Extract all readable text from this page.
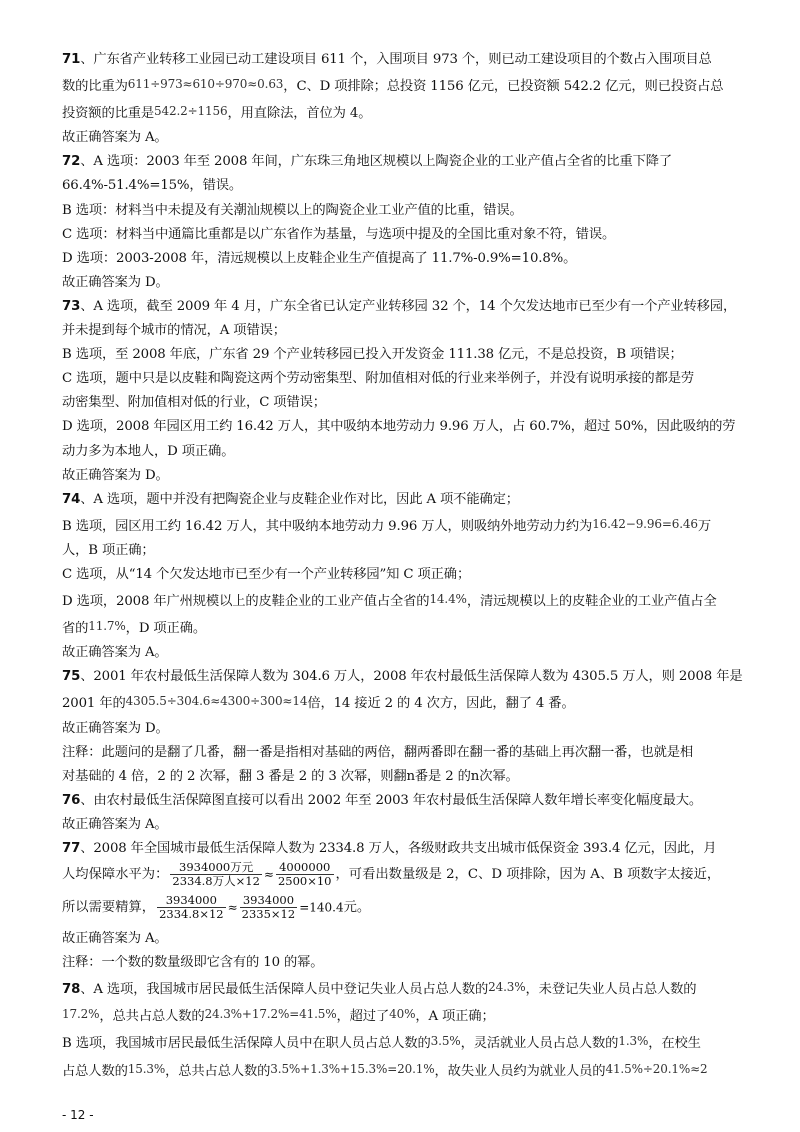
71、广东省产业转移工业园已动工建设项目 611 个，入围项目 973 个，则已动工建设项目的个数占入围项目总

数的比重为611÷973≈610÷970≈0.63，C、D 项排除；总投资 1156 亿元，已投资额 542.2 亿元，则已投资占总

投资额的比重是542.2÷1156，用直除法，首位为 4。

故正确答案为 A。

72、A 选项：2003 年至 2008 年间，广东珠三角地区规模以上陶瓷企业的工业产值占全省的比重下降了

66.4%-51.4%=15%，错误。

B 选项：材料当中未提及有关潮汕规模以上的陶瓷企业工业产值的比重，错误。

C 选项：材料当中通篇比重都是以广东省作为基量，与选项中提及的全国比重对象不符，错误。

D 选项：2003-2008 年，清远规模以上皮鞋企业生产值提高了 11.7%-0.9%=10.8%。

故正确答案为 D。

73、A 选项，截至 2009 年 4 月，广东全省已认定产业转移园 32 个，14 个欠发达地市已至少有一个产业转移园，

并未提到每个城市的情况，A 项错误；

B 选项，至 2008 年底，广东省 29 个产业转移园已投入开发资金 111.38 亿元，不是总投资，B 项错误；

C 选项，题中只是以皮鞋和陶瓷这两个劳动密集型、附加值相对低的行业来举例子，并没有说明承接的都是劳

动密集型、附加值相对低的行业，C 项错误；

D 选项，2008 年园区用工约 16.42 万人，其中吸纳本地劳动力 9.96 万人，占 60.7%，超过 50%，因此吸纳的劳

动力多为本地人，D 项正确。

故正确答案为 D。

74、A 选项，题中并没有把陶瓷企业与皮鞋企业作对比，因此 A 项不能确定；

B 选项，园区用工约 16.42 万人，其中吸纳本地劳动力 9.96 万人，则吸纳外地劳动力约为16.42−9.96=6.46万

人，B 项正确；

C 选项，从“14 个欠发达地市已至少有一个产业转移园”知 C 项正确；

D 选项，2008 年广州规模以上的皮鞋企业的工业产值占全省的14.4%，清远规模以上的皮鞋企业的工业产值占全

省的11.7%，D 项正确。

故正确答案为 A。

75、2001 年农村最低生活保障人数为 304.6 万人，2008 年农村最低生活保障人数为 4305.5 万人，则 2008 年是

2001 年的4305.5÷304.6≈4300÷300≈14倍，14 接近 2 的 4 次方，因此，翻了 4 番。

故正确答案为 D。

注释：此题问的是翻了几番，翻一番是指相对基础的两倍，翻两番即在翻一番的基础上再次翻一番，也就是相

对基础的 4 倍，2 的 2 次幂，翻 3 番是 2 的 3 次幂，则翻n番是 2 的n次幂。

76、由农村最低生活保障图直接可以看出 2002 年至 2003 年农村最低生活保障人数年增长率变化幅度最大。

故正确答案为 A。

77、2008 年全国城市最低生活保障人数为 2334.8 万人，各级财政共支出城市低保资金 393.4 亿元，因此，月

人均保障水平为： $\frac{\text{3934000万元}}{\text{2334.8万人×12}} \approx \frac{4000000}{2500\times 10}$ ，可看出数量级是 2，C、D 项排除，因为 A、B 项数字太接近，

所以需要精算， $\frac{3934000}{2334.8\times 12} \approx \frac{3934000}{2335\times 12} =140.4$元。

故正确答案为 A。

注释：一个数的数量级即它含有的 10 的幂。

78、A 选项，我国城市居民最低生活保障人员中登记失业人员占总人数的24.3%，未登记失业人员占总人数的

17.2%，总共占总人数的24.3%+17.2%=41.5%，超过了40%，A 项正确；

B 选项，我国城市居民最低生活保障人员中在职人员占总人数的3.5%，灵活就业人员占总人数的1.3%，在校生

占总人数的15.3%，总共占总人数的3.5%+1.3%+15.3%=20.1%，故失业人员约为就业人员的41.5%÷20.1%≈2

- 12 -
